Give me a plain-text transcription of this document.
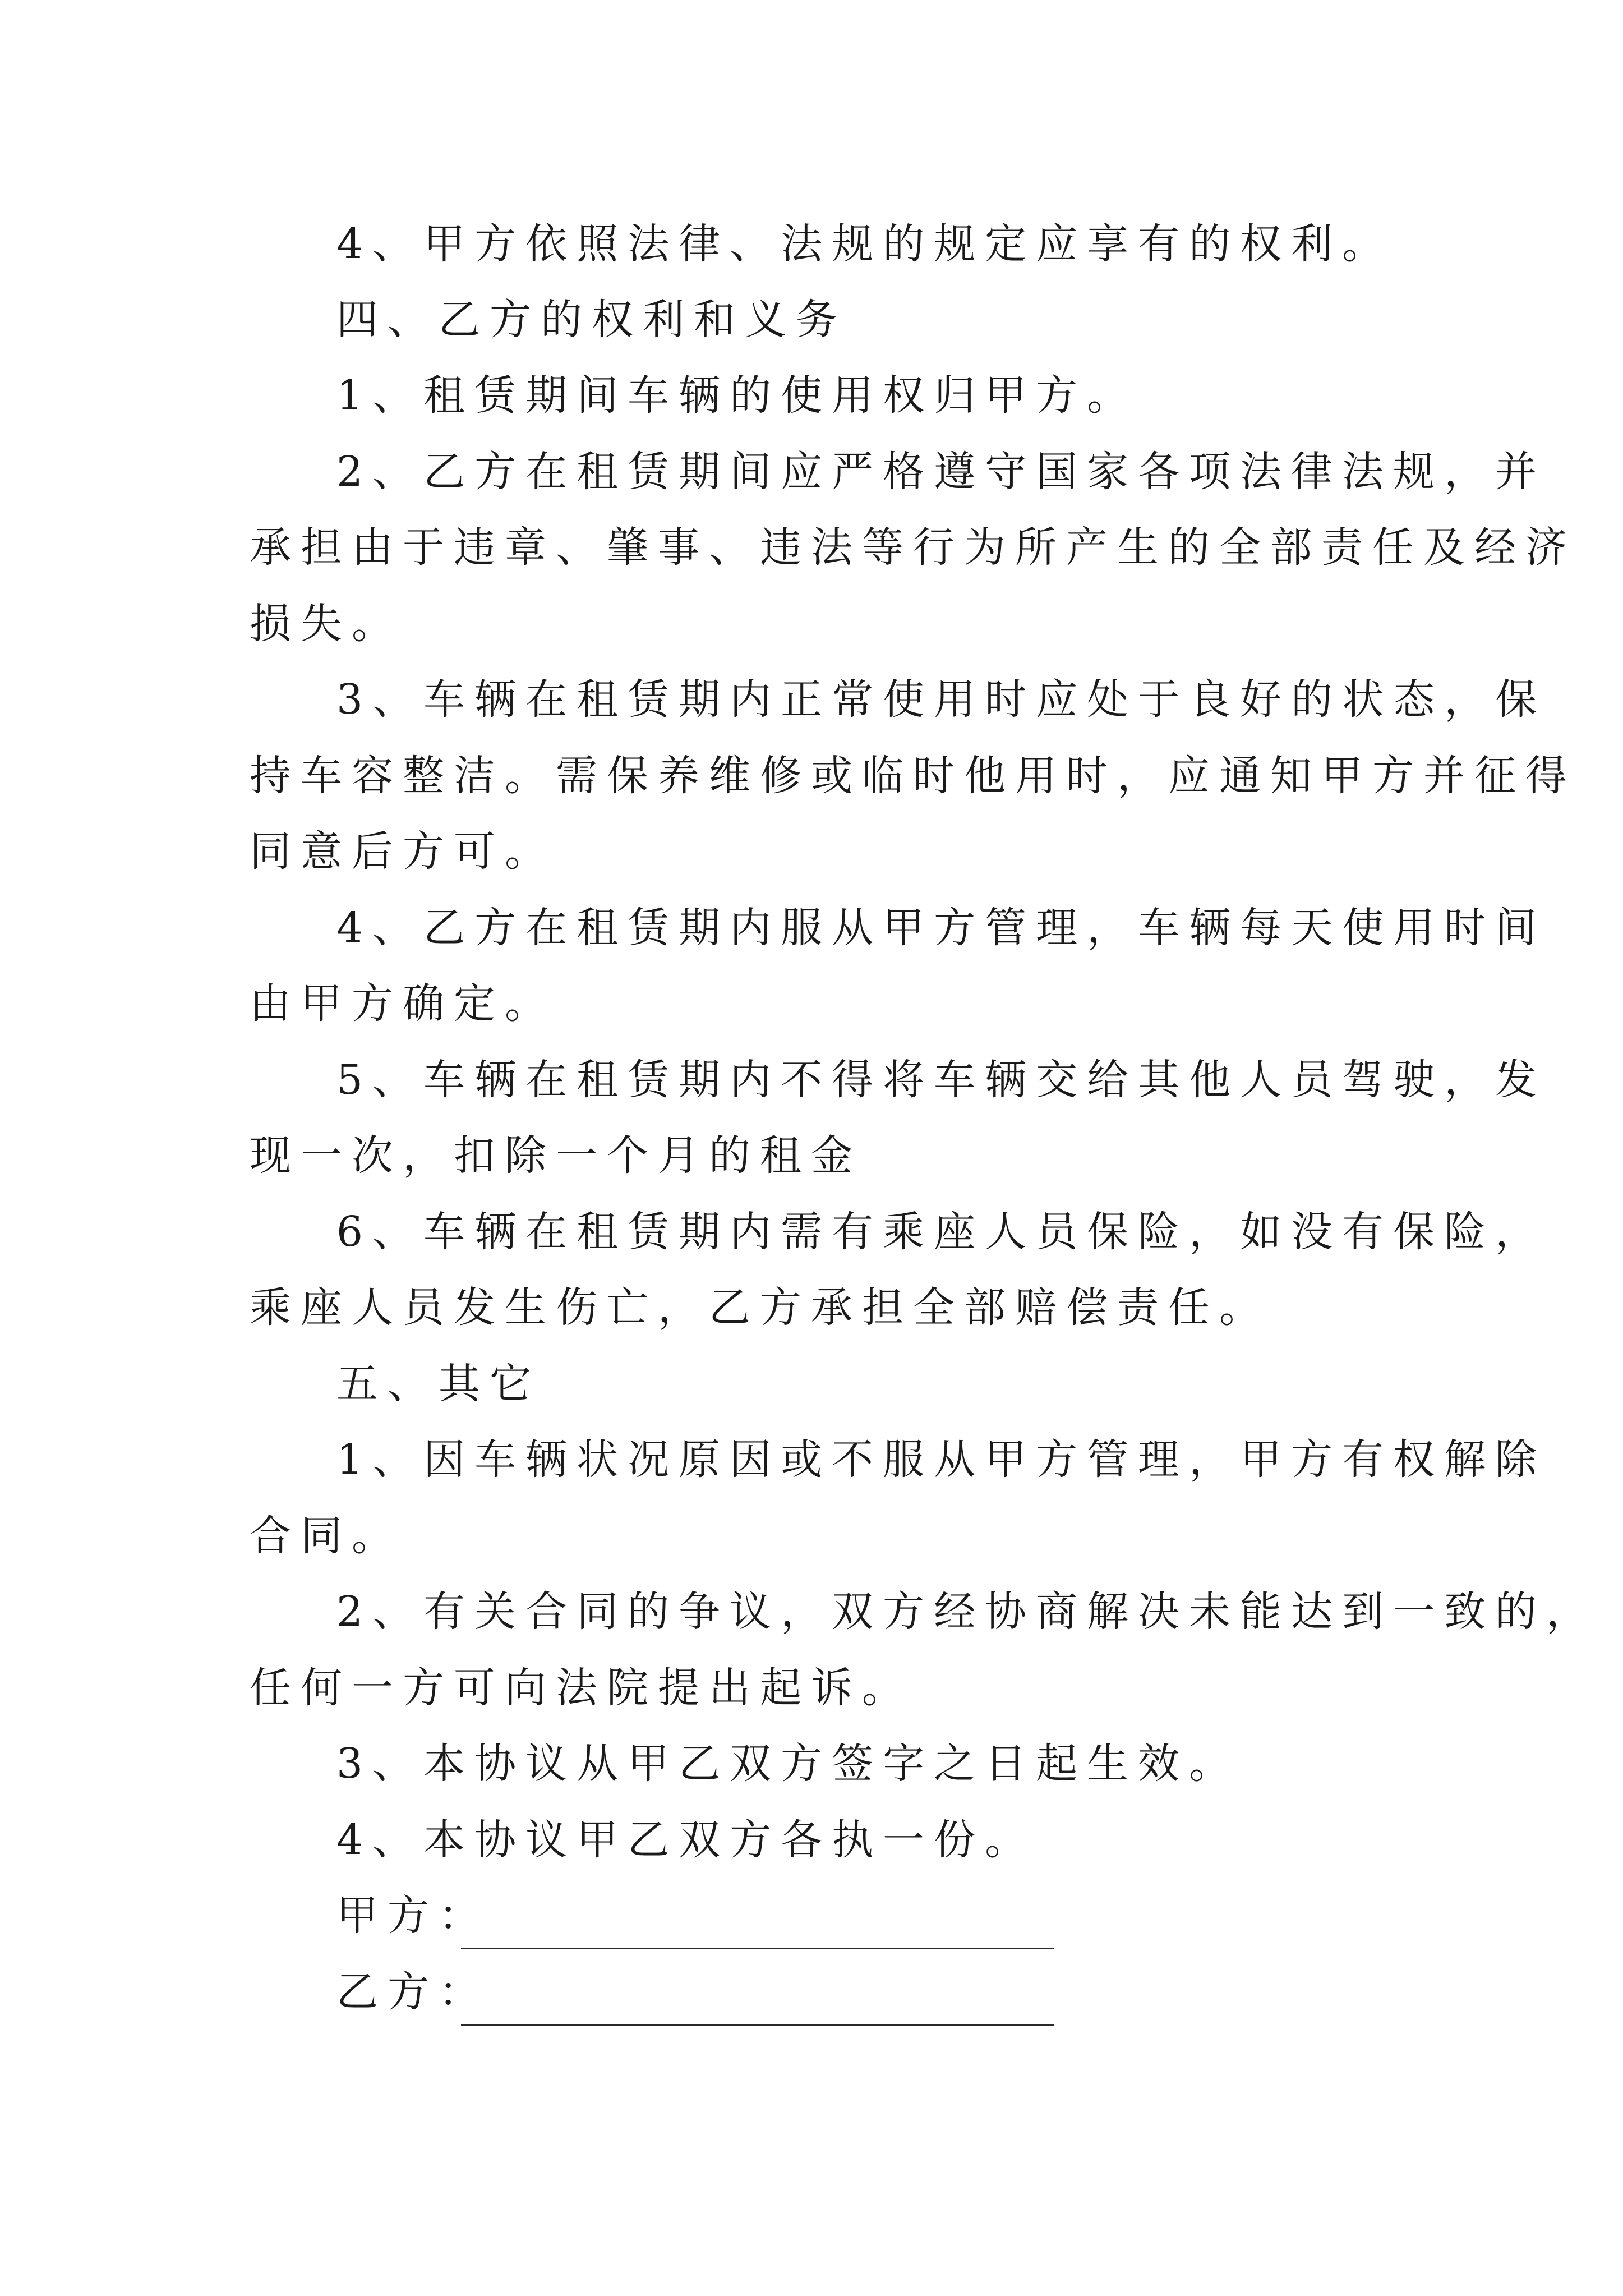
4、甲方依照法律、法规的规定应享有的权利。
四、乙方的权利和义务
1、租赁期间车辆的使用权归甲方。
2、乙方在租赁期间应严格遵守国家各项法律法规，并
承担由于违章、肇事、违法等行为所产生的全部责任及经济
损失。
3、车辆在租赁期内正常使用时应处于良好的状态，保
持车容整洁。需保养维修或临时他用时，应通知甲方并征得
同意后方可。
4、乙方在租赁期内服从甲方管理，车辆每天使用时间
由甲方确定。
5、车辆在租赁期内不得将车辆交给其他人员驾驶，发
现一次，扣除一个月的租金
6、车辆在租赁期内需有乘座人员保险，如没有保险，
乘座人员发生伤亡，乙方承担全部赔偿责任。
五、其它
1、因车辆状况原因或不服从甲方管理，甲方有权解除
合同。
2、有关合同的争议，双方经协商解决未能达到一致的，
任何一方可向法院提出起诉。
3、本协议从甲乙双方签字之日起生效。
4、本协议甲乙双方各执一份。
甲方：
乙方：
